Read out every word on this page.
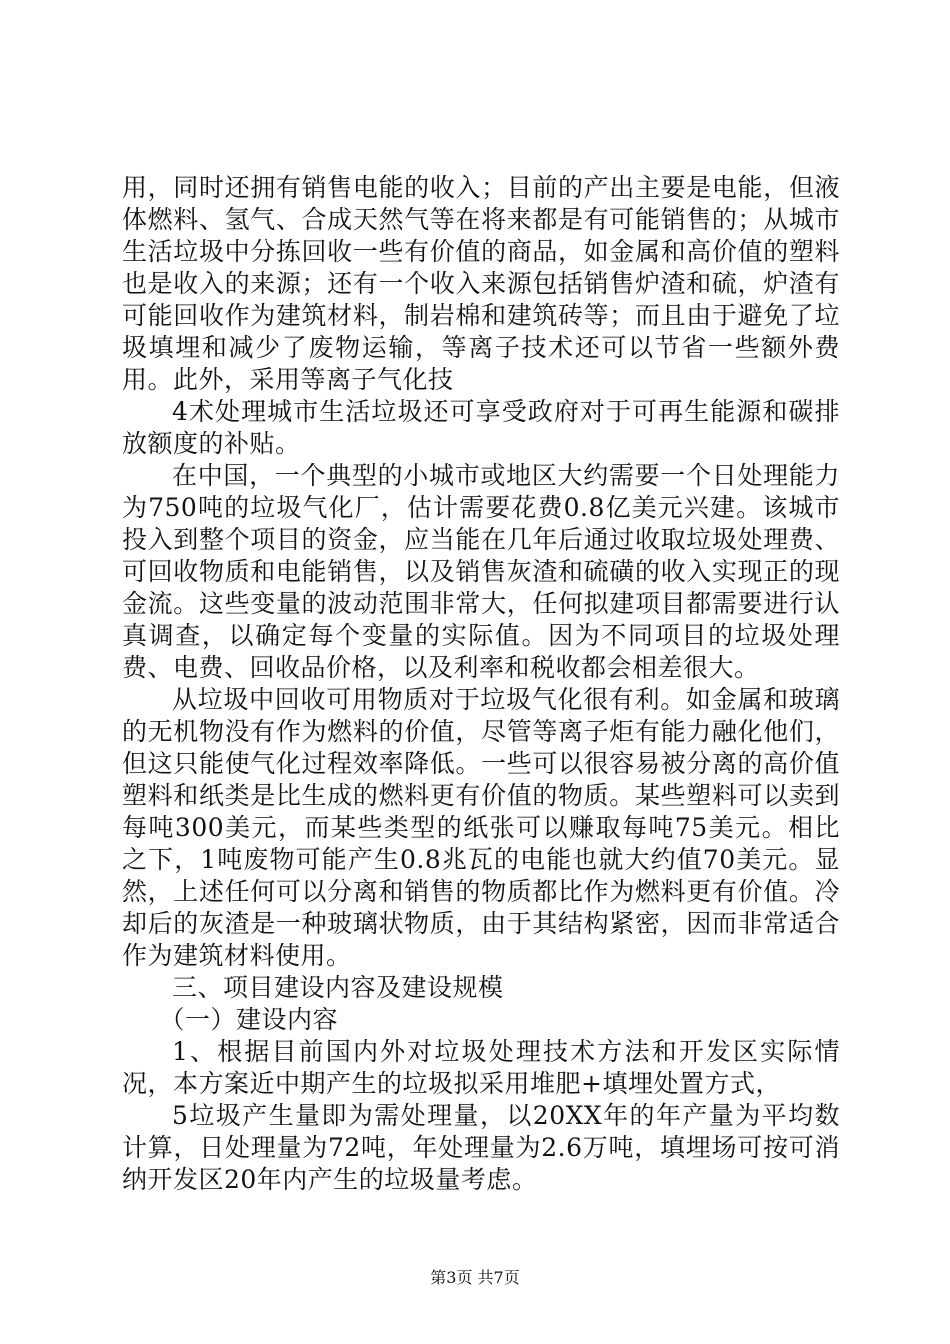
用，同时还拥有销售电能的收入；目前的产出主要是电能，但液体燃料、氢气、合成天然气等在将来都是有可能销售的；从城市生活垃圾中分拣回收一些有价值的商品，如金属和高价值的塑料也是收入的来源；还有一个收入来源包括销售炉渣和硫，炉渣有可能回收作为建筑材料，制岩棉和建筑砖等；而且由于避免了垃圾填埋和减少了废物运输，等离子技术还可以节省一些额外费用。此外，采用等离子气化技

4术处理城市生活垃圾还可享受政府对于可再生能源和碳排放额度的补贴。

在中国，一个典型的小城市或地区大约需要一个日处理能力为750吨的垃圾气化厂，估计需要花费0.8亿美元兴建。该城市投入到整个项目的资金，应当能在几年后通过收取垃圾处理费、可回收物质和电能销售，以及销售灰渣和硫磺的收入实现正的现金流。这些变量的波动范围非常大，任何拟建项目都需要进行认真调查，以确定每个变量的实际值。因为不同项目的垃圾处理费、电费、回收品价格，以及利率和税收都会相差很大。

从垃圾中回收可用物质对于垃圾气化很有利。如金属和玻璃的无机物没有作为燃料的价值，尽管等离子炬有能力融化他们，但这只能使气化过程效率降低。一些可以很容易被分离的高价值塑料和纸类是比生成的燃料更有价值的物质。某些塑料可以卖到每吨300美元，而某些类型的纸张可以赚取每吨75美元。相比之下，1吨废物可能产生0.8兆瓦的电能也就大约值70美元。显然，上述任何可以分离和销售的物质都比作为燃料更有价值。冷却后的灰渣是一种玻璃状物质，由于其结构紧密，因而非常适合作为建筑材料使用。

三、项目建设内容及建设规模

（一）建设内容

1、根据目前国内外对垃圾处理技术方法和开发区实际情况，本方案近中期产生的垃圾拟采用堆肥+填埋处置方式，

5垃圾产生量即为需处理量，以20XX年的年产量为平均数计算，日处理量为72吨，年处理量为2.6万吨，填埋场可按可消纳开发区20年内产生的垃圾量考虑。

第3页 共7页
